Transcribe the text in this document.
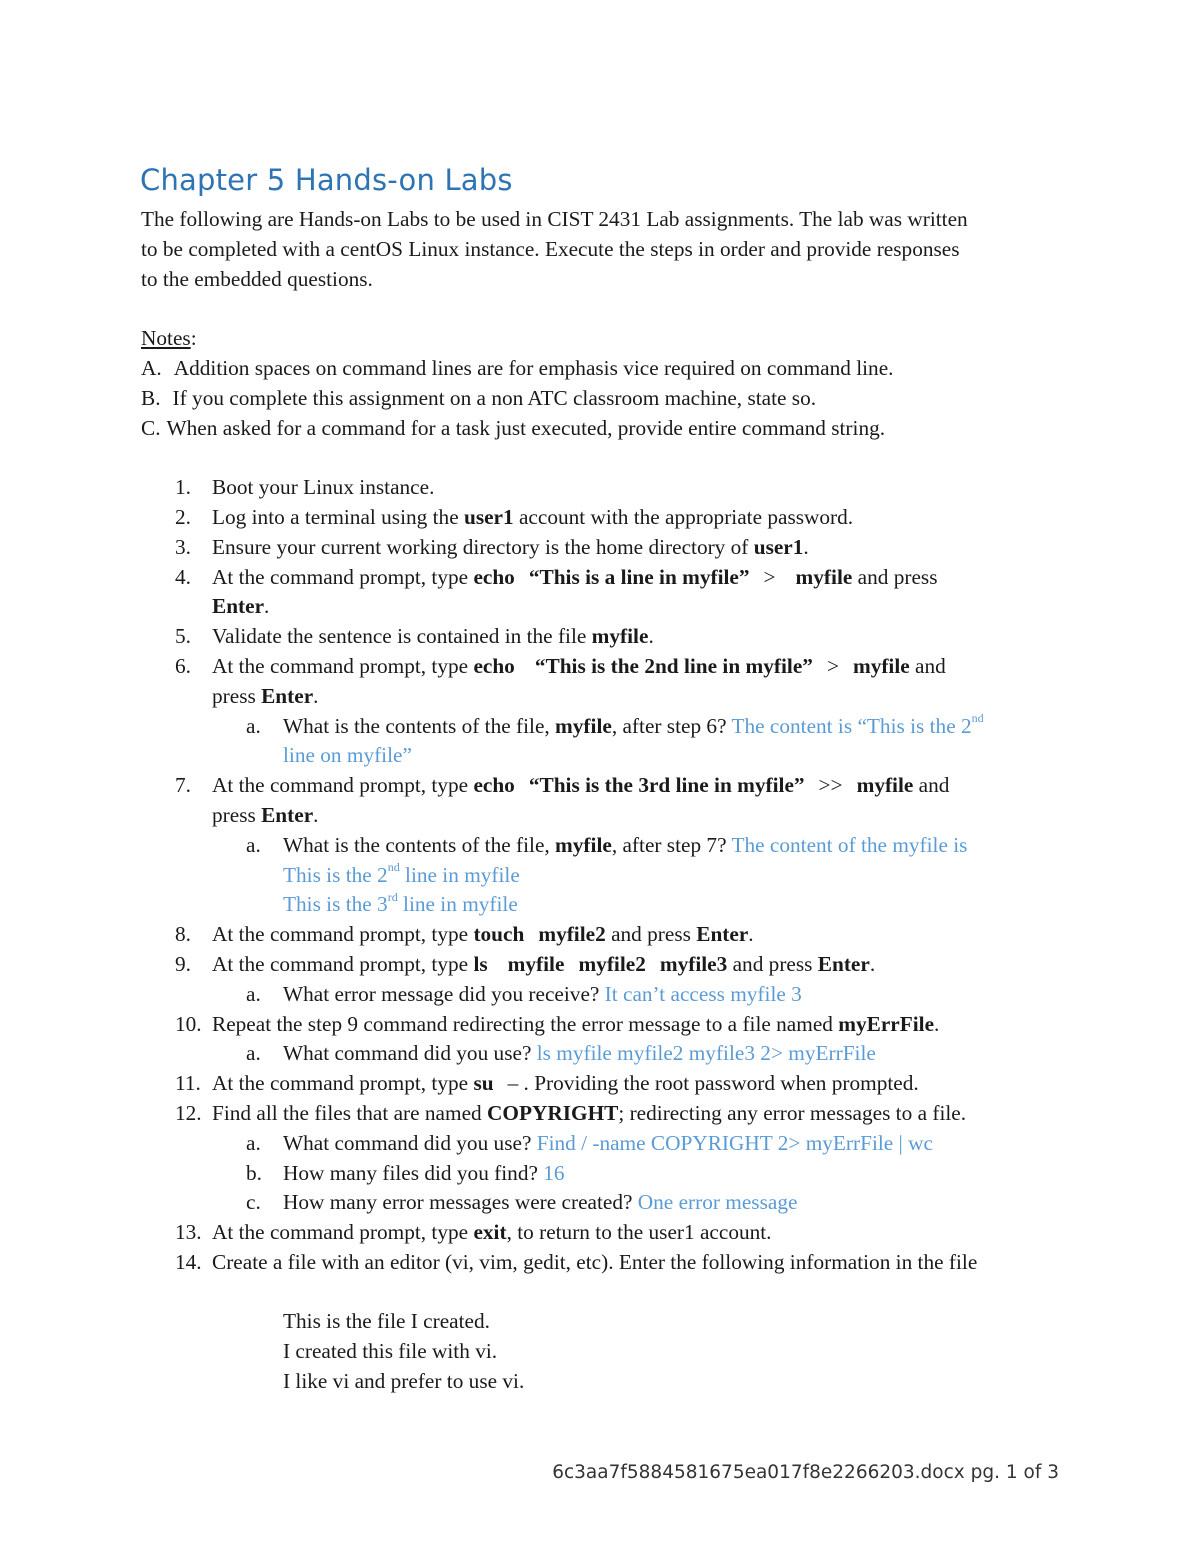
Chapter 5 Hands-on Labs
The following are Hands-on Labs to be used in CIST 2431 Lab assignments. The lab was written
to be completed with a centOS Linux instance. Execute the steps in order and provide responses
to the embedded questions.
Notes:
A. Addition spaces on command lines are for emphasis vice required on command line.
B. If you complete this assignment on a non ATC classroom machine, state so.
C. When asked for a command for a task just executed, provide entire command string.
1. Boot your Linux instance.
2. Log into a terminal using the user1 account with the appropriate password.
3. Ensure your current working directory is the home directory of user1.
4. At the command prompt, type echo “This is a line in myfile” > myfile and press
Enter.
5. Validate the sentence is contained in the file myfile.
6. At the command prompt, type echo “This is the 2nd line in myfile” > myfile and
press Enter.
a. What is the contents of the file, myfile, after step 6? The content is “This is the 2nd
line on myfile”
7. At the command prompt, type echo “This is the 3rd line in myfile” >> myfile and
press Enter.
a. What is the contents of the file, myfile, after step 7? The content of the myfile is
This is the 2nd line in myfile
This is the 3rd line in myfile
8. At the command prompt, type touch myfile2 and press Enter.
9. At the command prompt, type ls myfile myfile2 myfile3 and press Enter.
a. What error message did you receive? It can’t access myfile 3
10. Repeat the step 9 command redirecting the error message to a file named myErrFile.
a. What command did you use? ls myfile myfile2 myfile3 2> myErrFile
11. At the command prompt, type su – . Providing the root password when prompted.
12. Find all the files that are named COPYRIGHT; redirecting any error messages to a file.
a. What command did you use? Find / -name COPYRIGHT 2> myErrFile | wc
b. How many files did you find? 16
c. How many error messages were created? One error message
13. At the command prompt, type exit, to return to the user1 account.
14. Create a file with an editor (vi, vim, gedit, etc). Enter the following information in the file
This is the file I created.
I created this file with vi.
I like vi and prefer to use vi.
6c3aa7f5884581675ea017f8e2266203.docx pg. 1 of 3
